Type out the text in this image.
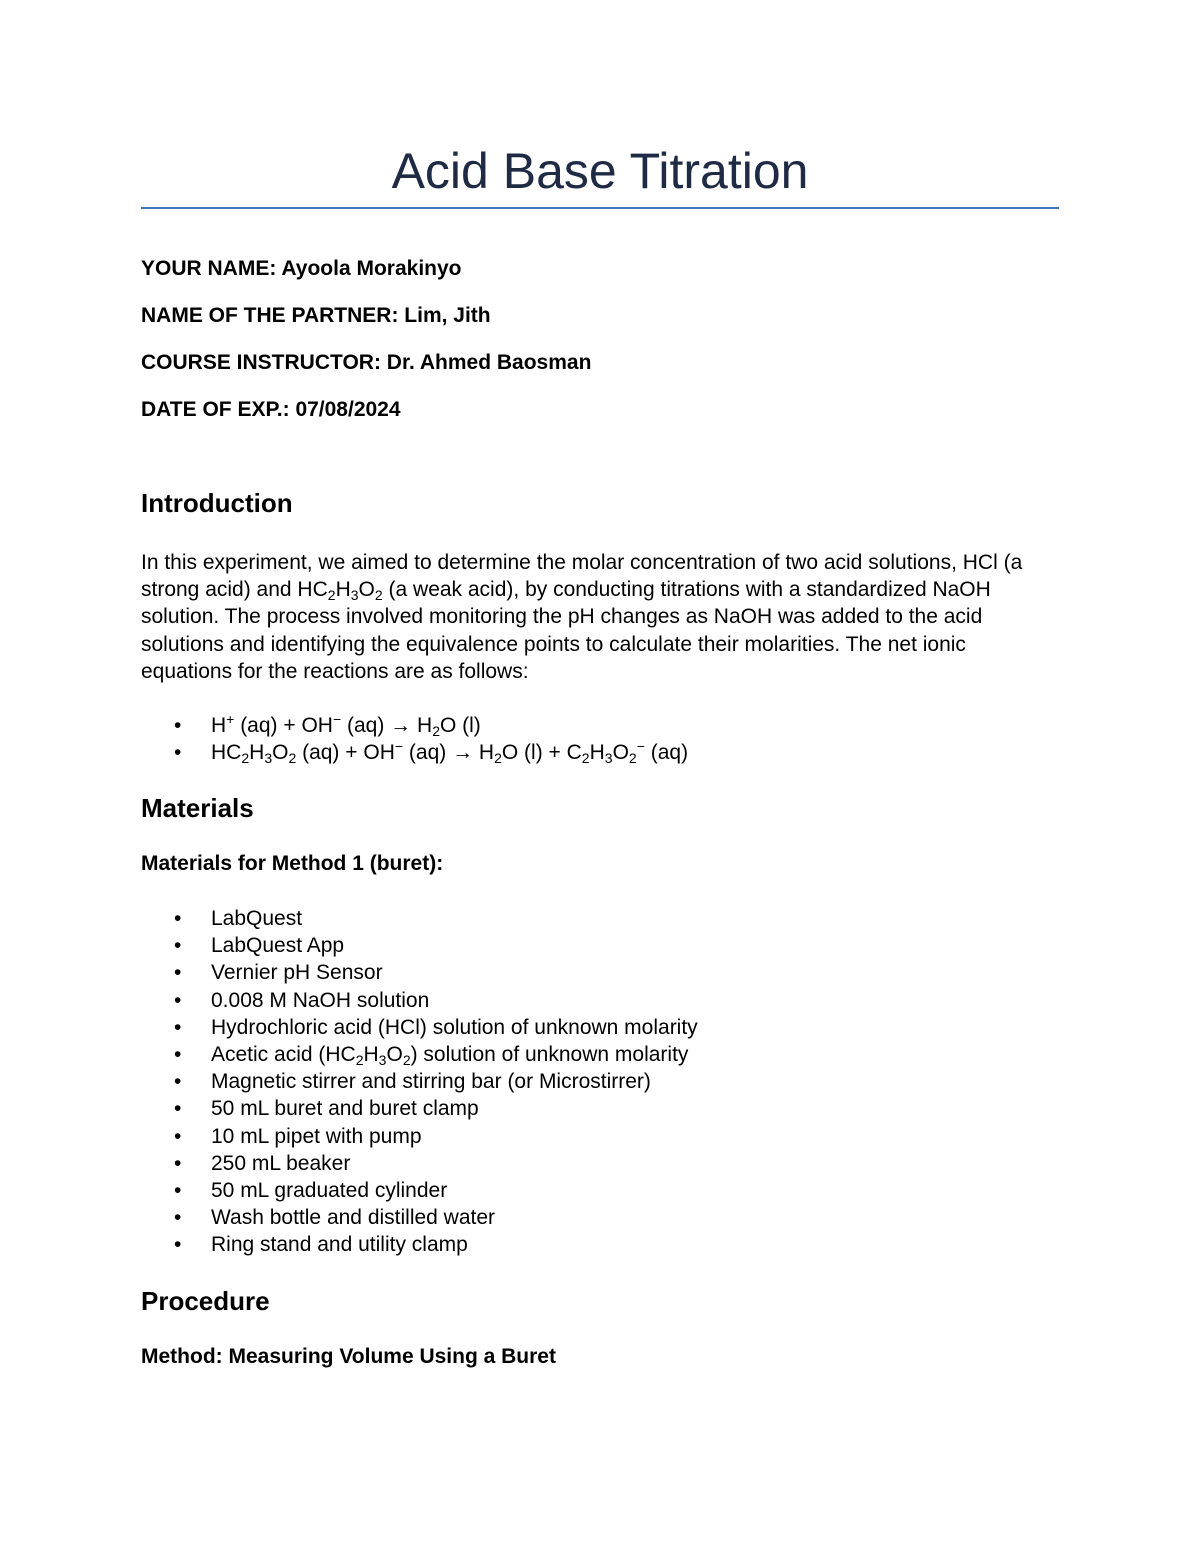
Acid Base Titration
YOUR NAME: Ayoola Morakinyo
NAME OF THE PARTNER: Lim, Jith
COURSE INSTRUCTOR: Dr. Ahmed Baosman
DATE OF EXP.: 07/08/2024
Introduction

In this experiment, we aimed to determine the molar concentration of two acid solutions, HCl (a strong acid) and $HC_2H_3O_2$ (a weak acid), by conducting titrations with a standardized NaOH solution. The process involved monitoring the pH changes as NaOH was added to the acid solutions and identifying the equivalence points to calculate their molarities. The net ionic equations for the reactions are as follows:

• H+ (aq) + OH− $(aq) \to H_2O$ (l)
• $HC_2H_3O_2$ (aq) + OH− $(aq) \to H_2O$ $(l) + C_2H_3O_2^-$ (aq)
Materials
Materials for Method 1 (buret):
• LabQuest
• LabQuest App
• Vernier pH Sensor
• 0.008 M NaOH solution
• Hydrochloric acid (HCl) solution of unknown molarity
• Acetic acid $(HC_2H_3O_2)$ solution of unknown molarity
• Magnetic stirrer and stirring bar (or Microstirrer)
• 50 mL buret and buret clamp
• 10 mL pipet with pump
• 250 mL beaker
• 50 mL graduated cylinder
• Wash bottle and distilled water
• Ring stand and utility clamp
Procedure
Method: Measuring Volume Using a Buret
